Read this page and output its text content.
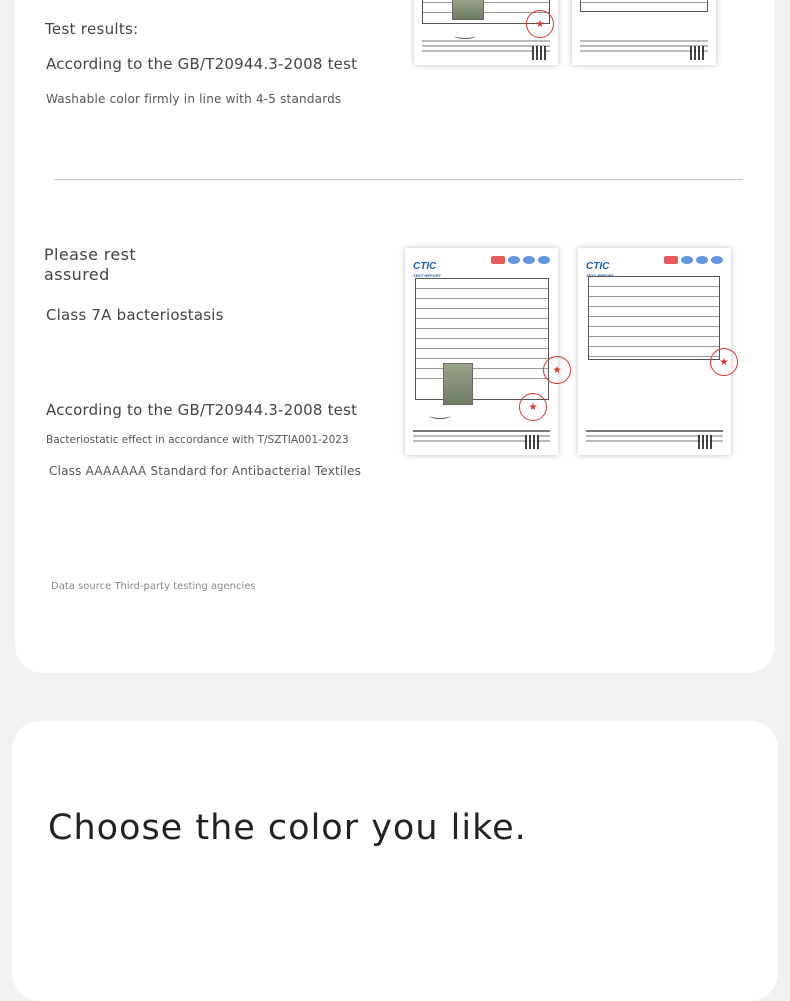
Test results:
According to the GB/T20944.3-2008 test
Washable color firmly in line with 4-5 standards
★
Please rest assured
Class 7A bacteriostasis
According to the GB/T20944.3-2008 test
Bacteriostatic effect in accordance with T/SZTIA001-2023
Class AAAAAAA Standard for Antibacterial Textiles
Data source Third-party testing agencies
CTIC
TEST REPORT
★
★
CTIC
TEST REPORT
★
Choose the color you like.
